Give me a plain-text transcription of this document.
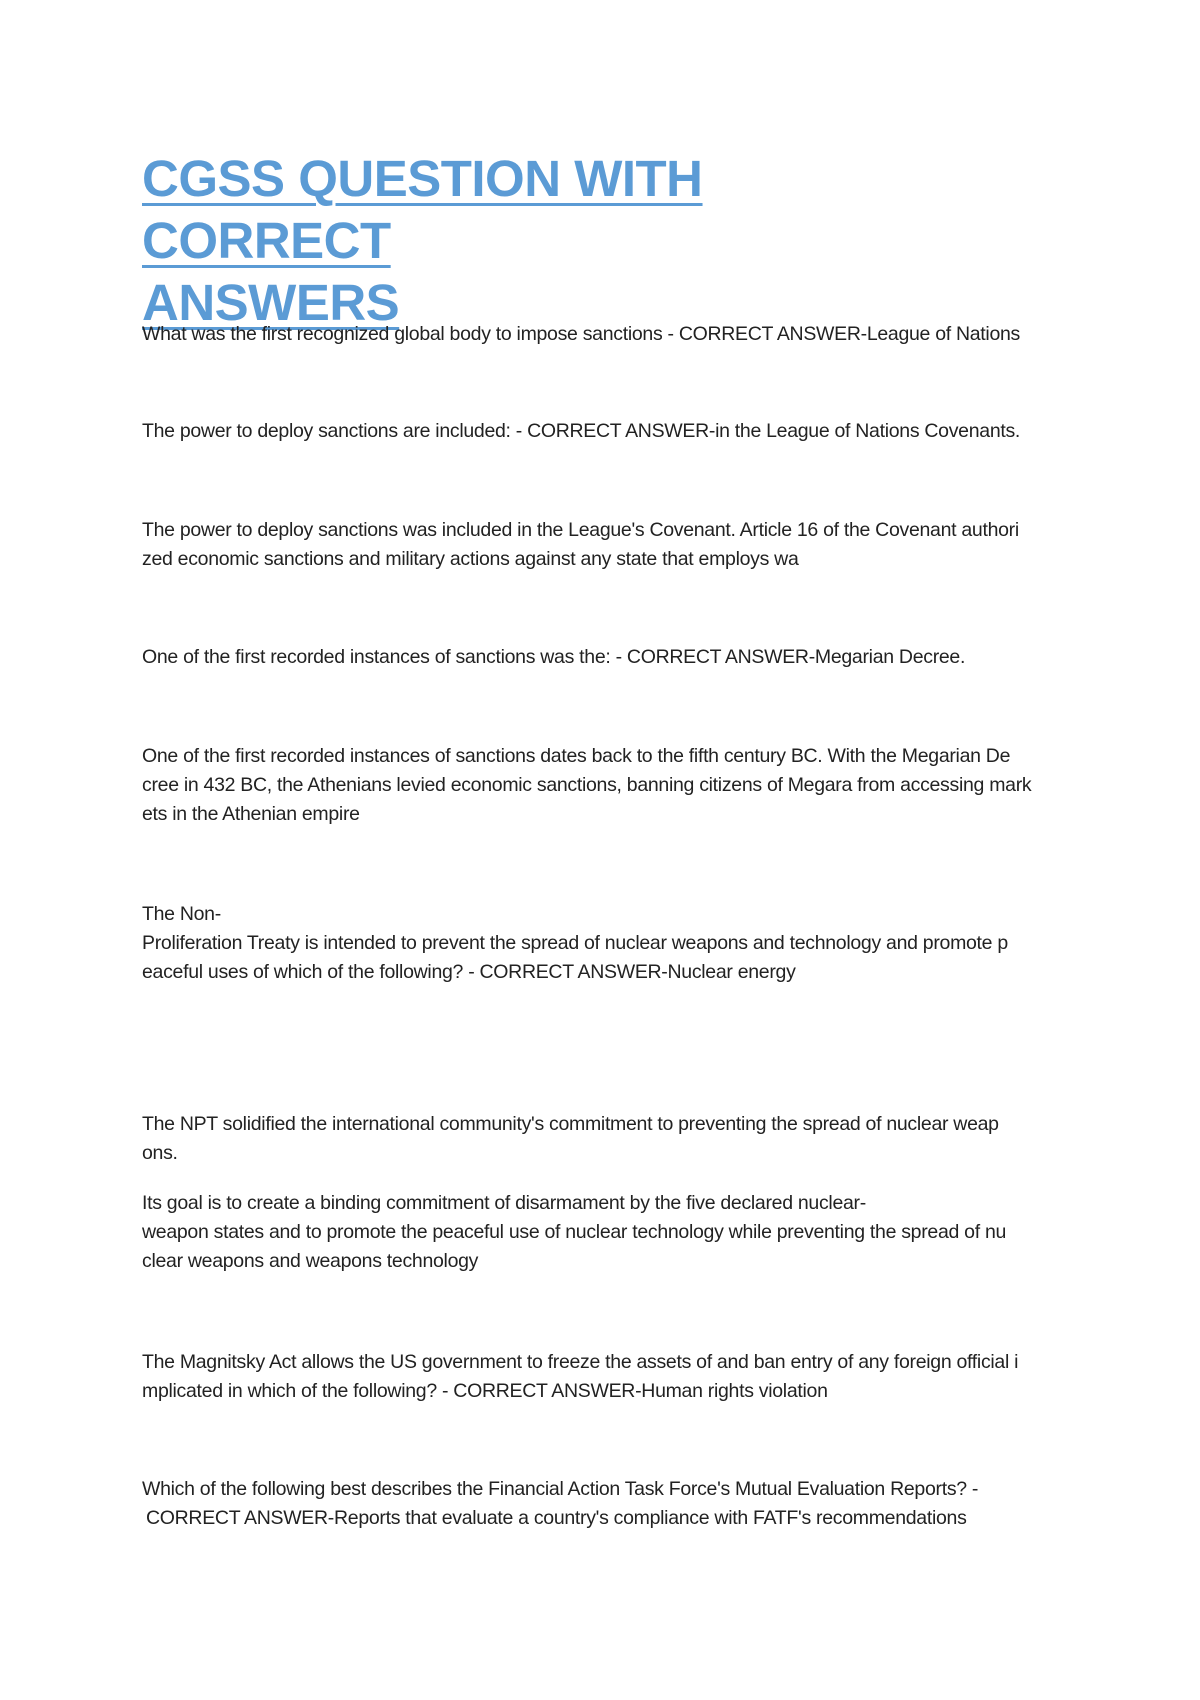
CGSS QUESTION WITH CORRECT
ANSWERS

What was the first recognized global body to impose sanctions - CORRECT ANSWER-League of Nations

The power to deploy sanctions are included: - CORRECT ANSWER-in the League of Nations Covenants.

The power to deploy sanctions was included in the League's Covenant. Article 16 of the Covenant authori
zed economic sanctions and military actions against any state that employs wa

One of the first recorded instances of sanctions was the: - CORRECT ANSWER-Megarian Decree.

One of the first recorded instances of sanctions dates back to the fifth century BC. With the Megarian De
cree in 432 BC, the Athenians levied economic sanctions, banning citizens of Megara from accessing mark
ets in the Athenian empire

The Non-
Proliferation Treaty is intended to prevent the spread of nuclear weapons and technology and promote p
eaceful uses of which of the following? - CORRECT ANSWER-Nuclear energy

The NPT solidified the international community's commitment to preventing the spread of nuclear weap
ons.

Its goal is to create a binding commitment of disarmament by the five declared nuclear-
weapon states and to promote the peaceful use of nuclear technology while preventing the spread of nu
clear weapons and weapons technology

The Magnitsky Act allows the US government to freeze the assets of and ban entry of any foreign official i
mplicated in which of the following? - CORRECT ANSWER-Human rights violation

Which of the following best describes the Financial Action Task Force's Mutual Evaluation Reports? -
CORRECT ANSWER-Reports that evaluate a country's compliance with FATF's recommendations
